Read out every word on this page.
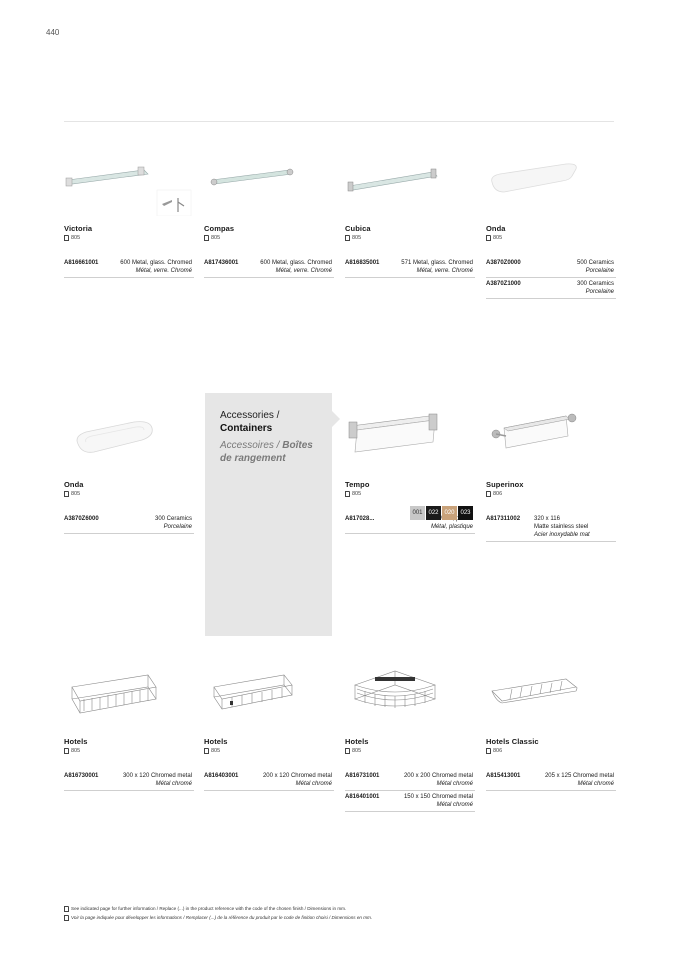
440
Accessories /
Containers
Accessoires / Boîtes
de rangement
Victoria
805
A816661001	600 Metal, glass. Chromed
Métal, verre. Chromé
Compas
805
A817436001	600 Metal, glass. Chromed
Métal, verre. Chromé
Cubica
805
A816835001	571 Metal, glass. Chromed
Métal, verre. Chromé
Onda
805
A3870Z0000	500 Ceramics
Porcelaine
A3870Z1000	300 Ceramics
Porcelaine
Onda
805
A3870Z6000	300 Ceramics
Porcelaine
Tempo
805
A817028...
Métal, plastique
001 022 020 023
Superinox
806
A817311002	320 x 116
Matte stainless steel
Acier inoxydable mat
Hotels
805
A816730001	300 x 120 Chromed metal
Métal chromé
Hotels
805
A816403001	200 x 120 Chromed metal
Métal chromé
Hotels
805
A816731001	200 x 200 Chromed metal
Métal chromé
A816401001	150 x 150 Chromed metal
Métal chromé
Hotels Classic
806
A815413001	205 x 125 Chromed metal
Métal chromé
See indicated page for further information / Replace (...) in the product reference with the code of the chosen finish / Dimensions in mm.
Voir la page indiquée pour développer les informations / Remplacer (...) de la référence du produit par le code de finition choisi / Dimensions en mm.
